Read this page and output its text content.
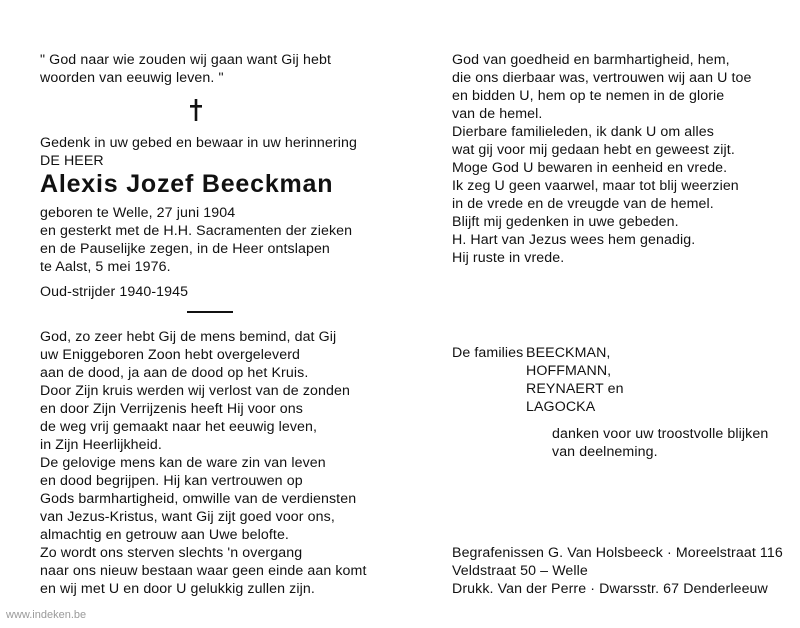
" God naar wie zouden wij gaan want Gij hebt
woorden van eeuwig leven. "
Gedenk in uw gebed en bewaar in uw herinnering
DE HEER
Alexis Jozef Beeckman
geboren te Welle, 27 juni 1904
en gesterkt met de H.H. Sacramenten der zieken
en de Pauselijke zegen, in de Heer ontslapen
te Aalst, 5 mei 1976.
Oud-strijder 1940-1945
God, zo zeer hebt Gij de mens bemind, dat Gij
uw Eniggeboren Zoon hebt overgeleverd
aan de dood, ja aan de dood op het Kruis.
Door Zijn kruis werden wij verlost van de zonden
en door Zijn Verrijzenis heeft Hij voor ons
de weg vrij gemaakt naar het eeuwig leven,
in Zijn Heerlijkheid.
De gelovige mens kan de ware zin van leven
en dood begrijpen. Hij kan vertrouwen op
Gods barmhartigheid, omwille van de verdiensten
van Jezus-Kristus, want Gij zijt goed voor ons,
almachtig en getrouw aan Uwe belofte.
Zo wordt ons sterven slechts 'n overgang
naar ons nieuw bestaan waar geen einde aan komt
en wij met U en door U gelukkig zullen zijn.
God van goedheid en barmhartigheid, hem,
die ons dierbaar was, vertrouwen wij aan U toe
en bidden U, hem op te nemen in de glorie
van de hemel.
Dierbare familieleden, ik dank U om alles
wat gij voor mij gedaan hebt en geweest zijt.
Moge God U bewaren in eenheid en vrede.
Ik zeg U geen vaarwel, maar tot blij weerzien
in de vrede en de vreugde van de hemel.
Blijft mij gedenken in uwe gebeden.
H. Hart van Jezus wees hem genadig.
Hij ruste in vrede.
De families BEECKMAN,
HOFFMANN,
REYNAERT en
LAGOCKA
danken voor uw troostvolle blijken
van deelneming.
Begrafenissen G. Van Holsbeeck · Moreelstraat 116
Veldstraat 50 – Welle
Drukk. Van der Perre · Dwarsstr. 67 Denderleeuw
www.indeken.be
